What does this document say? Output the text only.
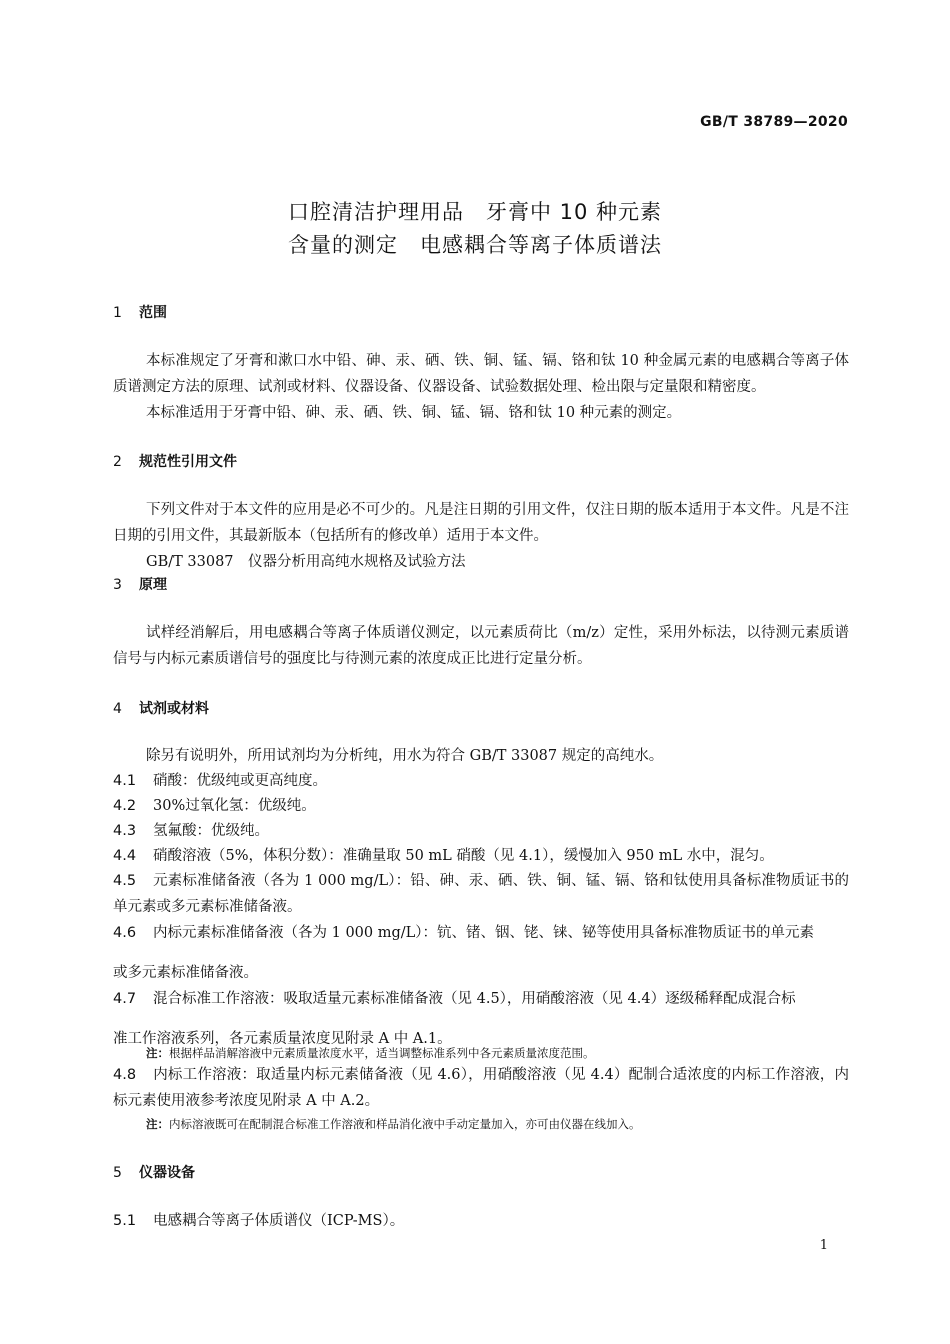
GB/T 38789—2020
口腔清洁护理用品　牙膏中 10 种元素
含量的测定　电感耦合等离子体质谱法
1 范围
本标准规定了牙膏和漱口水中铅、砷、汞、硒、铁、铜、锰、镉、铬和钛 10 种金属元素的电感耦合等离子体质谱测定方法的原理、试剂或材料、仪器设备、仪器设备、试验数据处理、检出限与定量限和精密度。
本标准适用于牙膏中铅、砷、汞、硒、铁、铜、锰、镉、铬和钛 10 种元素的测定。
2 规范性引用文件
下列文件对于本文件的应用是必不可少的。凡是注日期的引用文件，仅注日期的版本适用于本文件。凡是不注日期的引用文件，其最新版本（包括所有的修改单）适用于本文件。
GB/T 33087　仪器分析用高纯水规格及试验方法
3 原理
试样经消解后，用电感耦合等离子体质谱仪测定，以元素质荷比（m/z）定性，采用外标法，以待测元素质谱信号与内标元素质谱信号的强度比与待测元素的浓度成正比进行定量分析。
4 试剂或材料
除另有说明外，所用试剂均为分析纯，用水为符合 GB/T 33087 规定的高纯水。
4.1 硝酸：优级纯或更高纯度。
4.2 30%过氧化氢：优级纯。
4.3 氢氟酸：优级纯。
4.4 硝酸溶液（5%，体积分数）：准确量取 50 mL 硝酸（见 4.1），缓慢加入 950 mL 水中，混匀。
4.5 元素标准储备液（各为 1 000 mg/L）：铅、砷、汞、硒、铁、铜、锰、镉、铬和钛使用具备标准物质证书的单元素或多元素标准储备液。
4.6 内标元素标准储备液（各为 1 000 mg/L）：钪、锗、铟、铑、铼、铋等使用具备标准物质证书的单元素
或多元素标准储备液。
4.7 混合标准工作溶液：吸取适量元素标准储备液（见 4.5），用硝酸溶液（见 4.4）逐级稀释配成混合标
准工作溶液系列，各元素质量浓度见附录 A 中 A.1。
注：根据样品消解溶液中元素质量浓度水平，适当调整标准系列中各元素质量浓度范围。
4.8 内标工作溶液：取适量内标元素储备液（见 4.6），用硝酸溶液（见 4.4）配制合适浓度的内标工作溶液，内标元素使用液参考浓度见附录 A 中 A.2。
注：内标溶液既可在配制混合标准工作溶液和样品消化液中手动定量加入，亦可由仪器在线加入。
5 仪器设备
5.1 电感耦合等离子体质谱仪（ICP-MS）。
1
